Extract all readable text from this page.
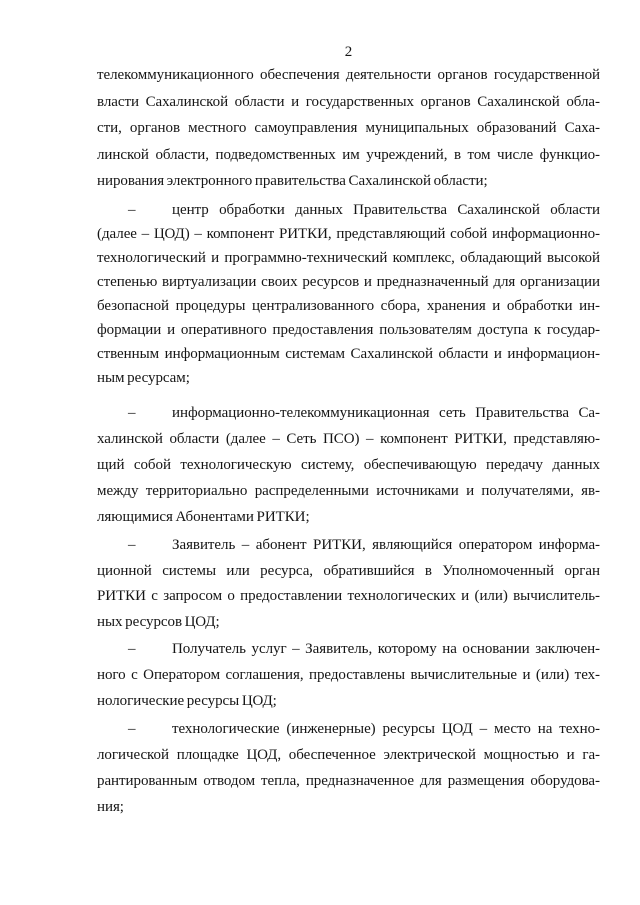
2
телекоммуникационного обеспечения деятельности органов государственной
власти Сахалинской области и государственных органов Сахалинской обла-
сти, органов местного самоуправления муниципальных образований Саха-
линской области, подведомственных им учреждений, в том числе функцио-
нирования электронного правительства Сахалинской области;
– центр обработки данных Правительства Сахалинской области
(далее – ЦОД) – компонент РИТКИ, представляющий собой информационно-
технологический и программно-технический комплекс, обладающий высокой
степенью виртуализации своих ресурсов и предназначенный для организации
безопасной процедуры централизованного сбора, хранения и обработки ин-
формации и оперативного предоставления пользователям доступа к государ-
ственным информационным системам Сахалинской области и информацион-
ным ресурсам;
– информационно-телекоммуникационная сеть Правительства Са-
халинской области (далее – Сеть ПСО) – компонент РИТКИ, представляю-
щий собой технологическую систему, обеспечивающую передачу данных
между территориально распределенными источниками и получателями, яв-
ляющимися Абонентами РИТКИ;
– Заявитель – абонент РИТКИ, являющийся оператором информа-
ционной системы или ресурса, обратившийся в Уполномоченный орган
РИТКИ с запросом о предоставлении технологических и (или) вычислитель-
ных ресурсов ЦОД;
– Получатель услуг – Заявитель, которому на основании заключен-
ного с Оператором соглашения, предоставлены вычислительные и (или) тех-
нологические ресурсы ЦОД;
– технологические (инженерные) ресурсы ЦОД – место на техно-
логической площадке ЦОД, обеспеченное электрической мощностью и га-
рантированным отводом тепла, предназначенное для размещения оборудова-
ния;
